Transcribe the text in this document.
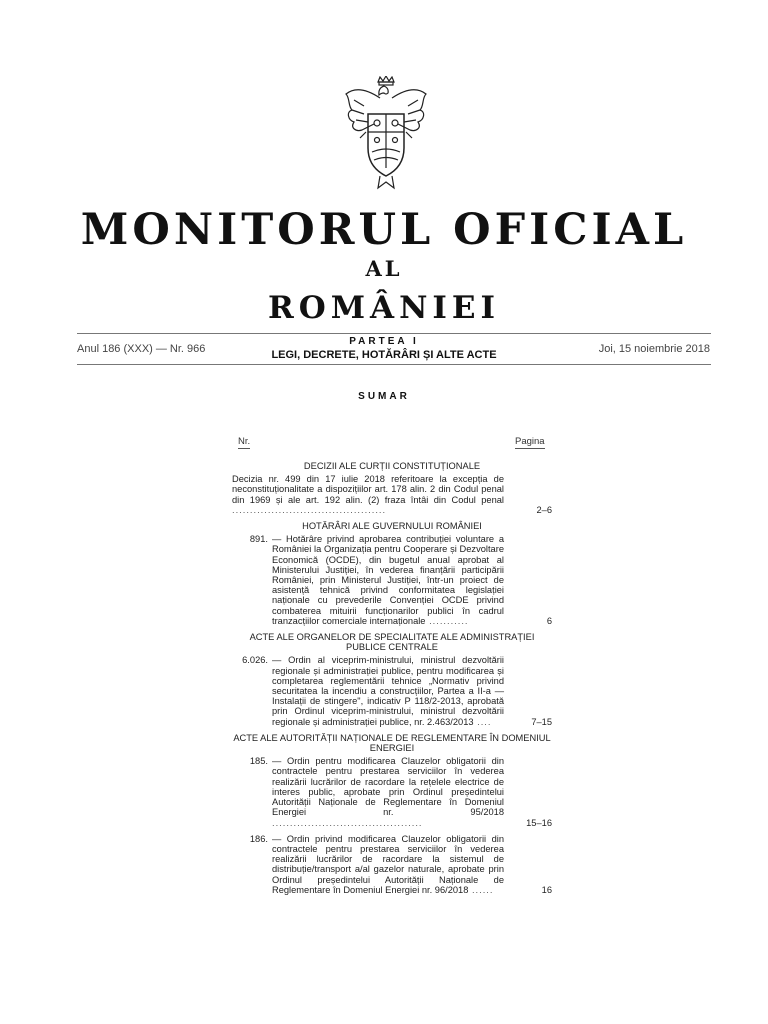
MONITORUL OFICIAL
AL
ROMÂNIEI
Anul 186 (XXX) — Nr. 966
PARTEA I
LEGI, DECRETE, HOTĂRÂRI ȘI ALTE ACTE	Joi, 15 noiembrie 2018
SUMAR
Nr.	Pagina
DECIZII ALE CURȚII CONSTITUȚIONALE
Decizia nr. 499 din 17 iulie 2018 referitoare la excepția de neconstituționalitate a dispozițiilor art. 178 alin. 2 din Codul penal din 1969 și ale art. 192 alin. (2) fraza întâi din Codul penal ...........................................	2–6
HOTĂRÂRI ALE GUVERNULUI ROMÂNIEI
891. — Hotărâre privind aprobarea contribuției voluntare a României la Organizația pentru Cooperare și Dezvoltare Economică (OCDE), din bugetul anual aprobat al Ministerului Justiției, în vederea finanțării participării României, prin Ministerul Justiției, într-un proiect de asistență tehnică privind conformitatea legislației naționale cu prevederile Convenției OCDE privind combaterea mituirii funcționarilor publici în cadrul tranzacțiilor comerciale internaționale ...........	6
ACTE ALE ORGANELOR DE SPECIALITATE ALE ADMINISTRAȚIEI PUBLICE CENTRALE
6.026. — Ordin al viceprim-ministrului, ministrul dezvoltării regionale și administrației publice, pentru modificarea și completarea reglementării tehnice „Normativ privind securitatea la incendiu a construcțiilor, Partea a II-a — Instalații de stingere", indicativ P 118/2-2013, aprobată prin Ordinul viceprim-ministrului, ministrul dezvoltării regionale și administrației publice, nr. 2.463/2013 ....	7–15
ACTE ALE AUTORITĂȚII NAȚIONALE DE REGLEMENTARE ÎN DOMENIUL ENERGIEI
185. — Ordin pentru modificarea Clauzelor obligatorii din contractele pentru prestarea serviciilor în vederea realizării lucrărilor de racordare la rețelele electrice de interes public, aprobate prin Ordinul președintelui Autorității Naționale de Reglementare în Domeniul Energiei nr. 95/2018 ..........................................	15–16
186. — Ordin privind modificarea Clauzelor obligatorii din contractele pentru prestarea serviciilor în vederea realizării lucrărilor de racordare la sistemul de distribuție/transport a/al gazelor naturale, aprobate prin Ordinul președintelui Autorității Naționale de Reglementare în Domeniul Energiei nr. 96/2018 ......	16
